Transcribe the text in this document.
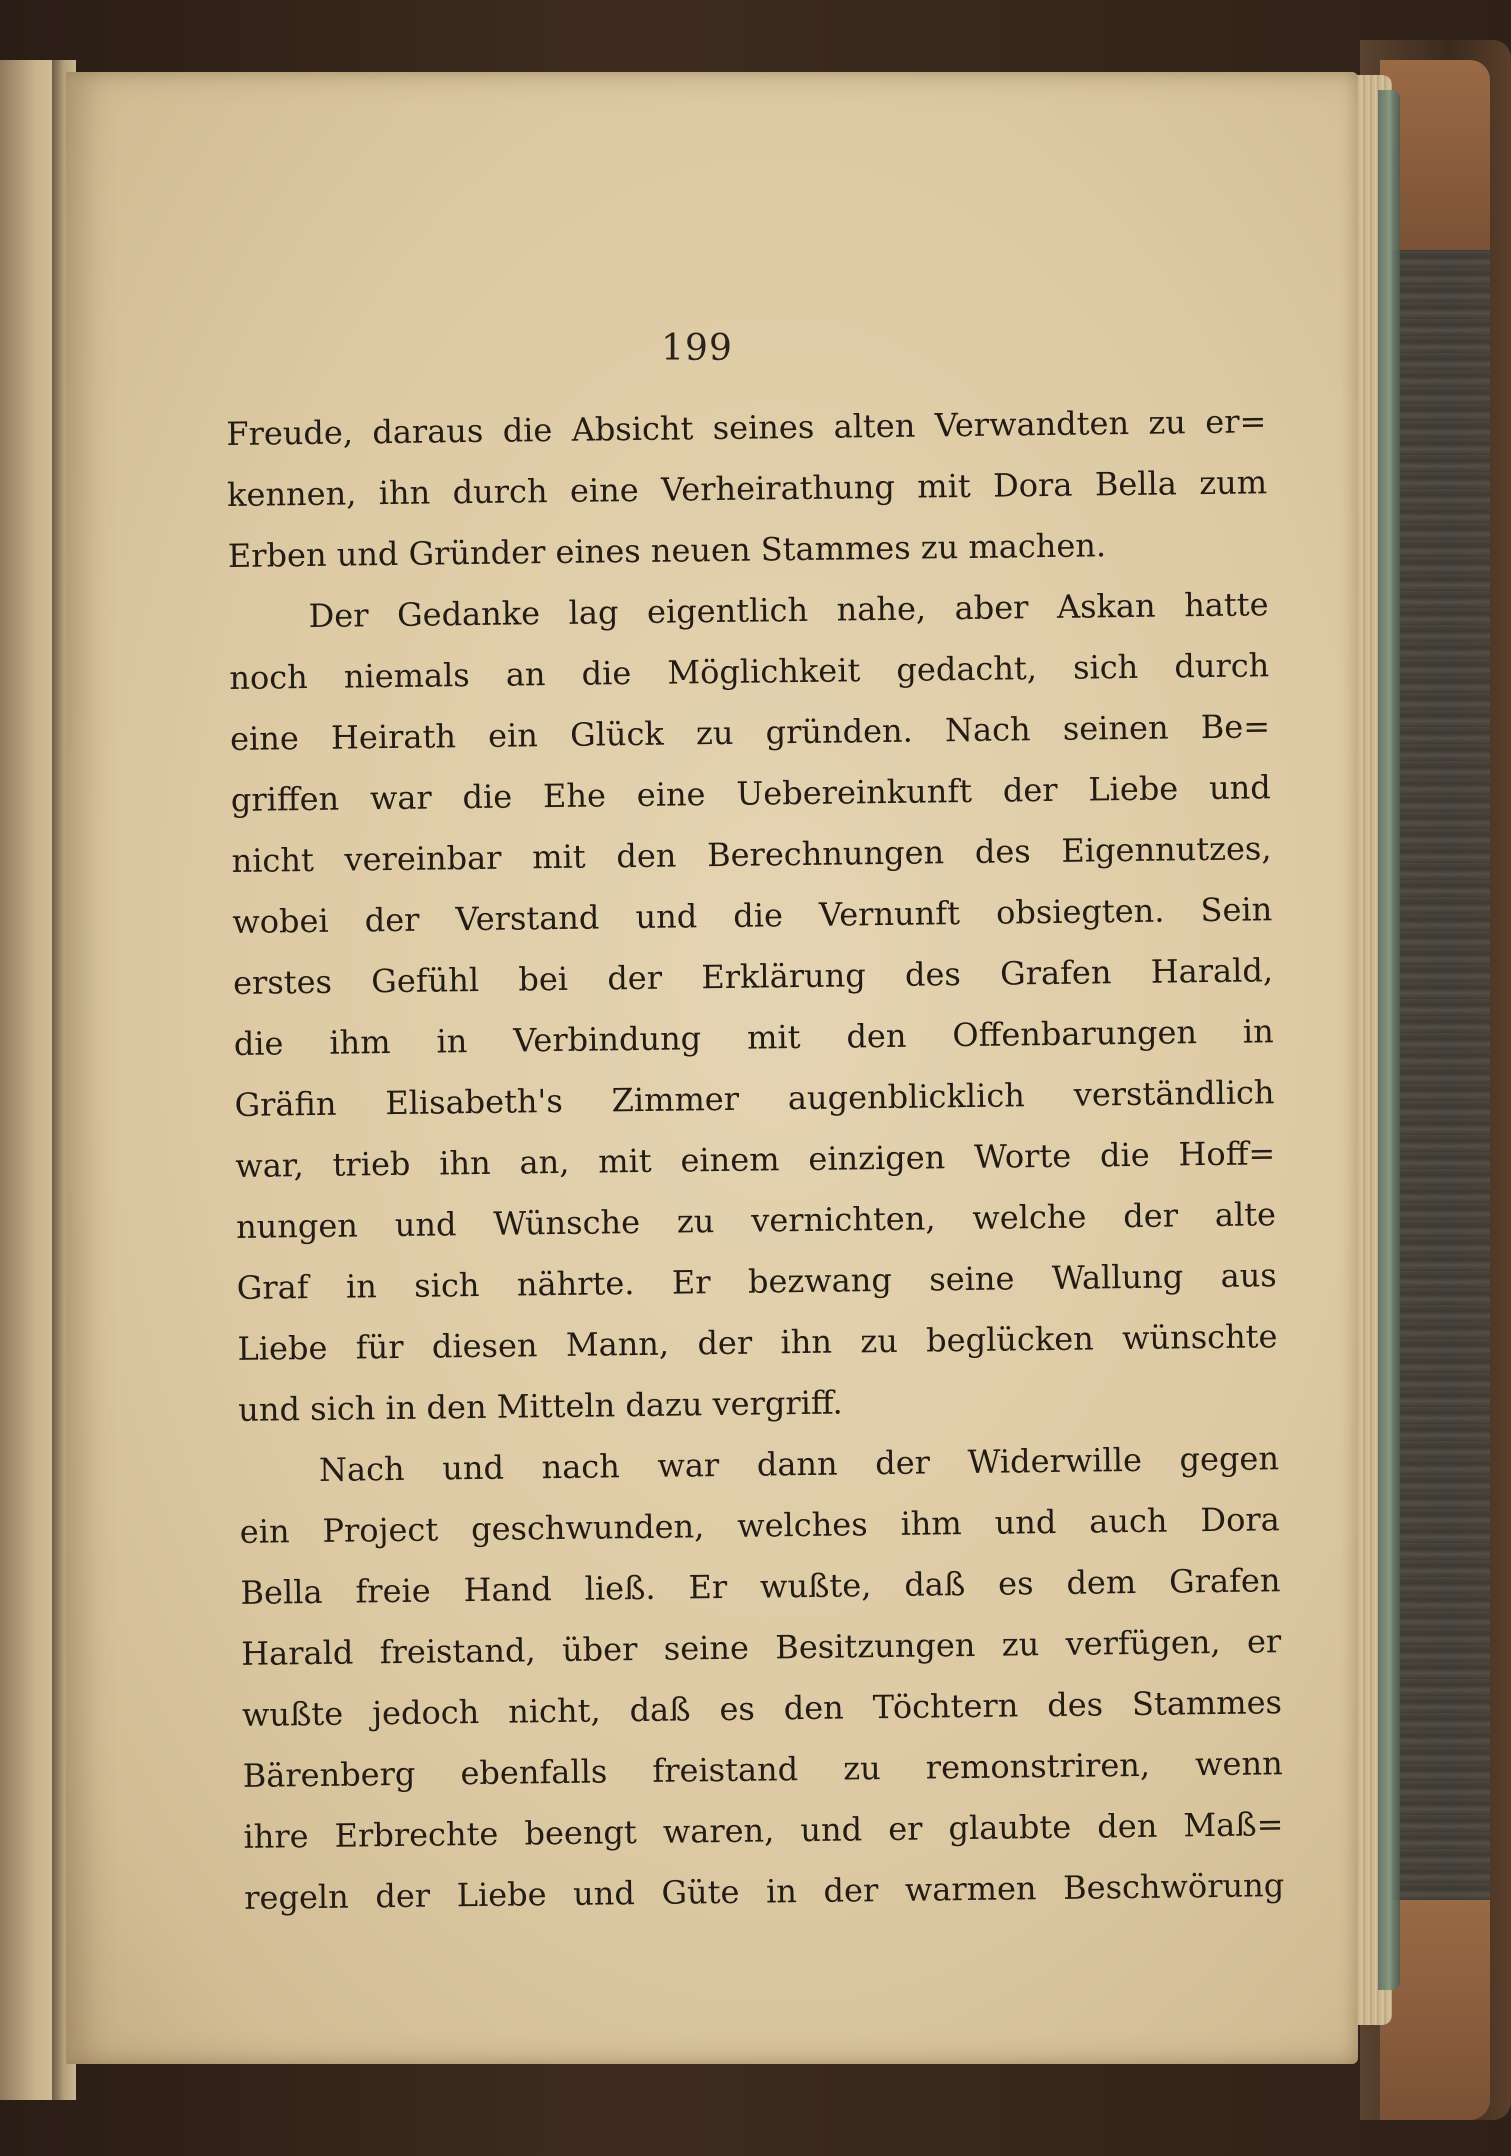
199
Freude, daraus die Absicht seines alten Verwandten zu er=
kennen, ihn durch eine Verheirathung mit Dora Bella zum
Erben und Gründer eines neuen Stammes zu machen.
Der Gedanke lag eigentlich nahe, aber Askan hatte
noch niemals an die Möglichkeit gedacht, sich durch
eine Heirath ein Glück zu gründen. Nach seinen Be=
griffen war die Ehe eine Uebereinkunft der Liebe und
nicht vereinbar mit den Berechnungen des Eigennutzes,
wobei der Verstand und die Vernunft obsiegten. Sein
erstes Gefühl bei der Erklärung des Grafen Harald,
die ihm in Verbindung mit den Offenbarungen in
Gräfin Elisabeth's Zimmer augenblicklich verständlich
war, trieb ihn an, mit einem einzigen Worte die Hoff=
nungen und Wünsche zu vernichten, welche der alte
Graf in sich nährte. Er bezwang seine Wallung aus
Liebe für diesen Mann, der ihn zu beglücken wünschte
und sich in den Mitteln dazu vergriff.
Nach und nach war dann der Widerwille gegen
ein Project geschwunden, welches ihm und auch Dora
Bella freie Hand ließ. Er wußte, daß es dem Grafen
Harald freistand, über seine Besitzungen zu verfügen, er
wußte jedoch nicht, daß es den Töchtern des Stammes
Bärenberg ebenfalls freistand zu remonstriren, wenn
ihre Erbrechte beengt waren, und er glaubte den Maß=
regeln der Liebe und Güte in der warmen Beschwörung
